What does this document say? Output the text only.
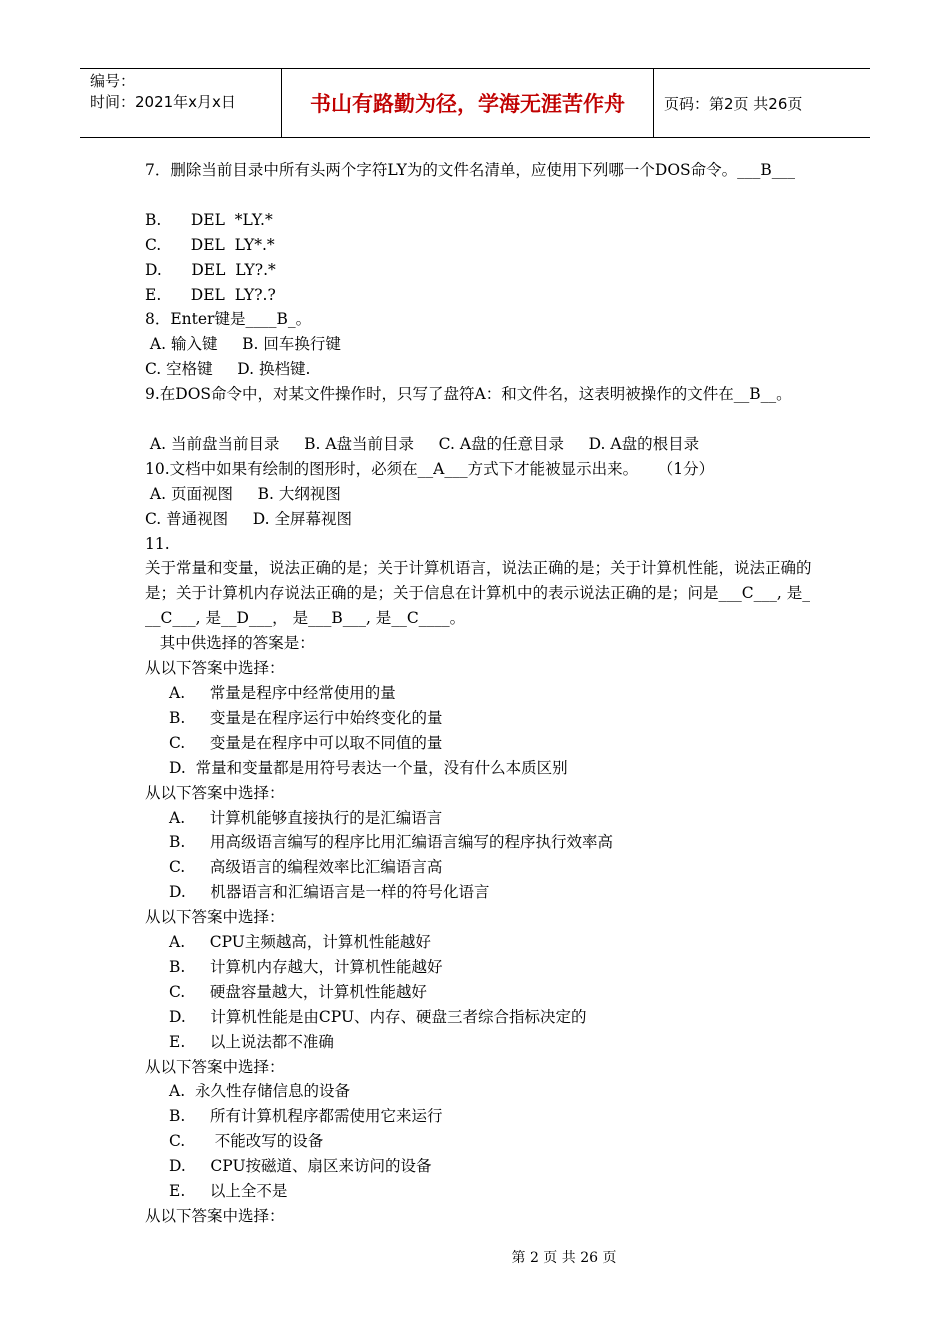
编号：
时间：2021年x月x日	书山有路勤为径，学海无涯苦作舟	页码：第2页 共26页
7．删除当前目录中所有头两个字符LY为的文件名清单，应使用下列哪一个DOS命令。___B___
B.      DEL  *LY.*
C.      DEL  LY*.*
D.      DEL  LY?.*
E.      DEL  LY?.?
8．Enter键是____B_。
A. 输入键     B. 回车换行键
C. 空格键     D. 换档键.
9.在DOS命令中，对某文件操作时，只写了盘符A：和文件名，这表明被操作的文件在__B__。
A. 当前盘当前目录     B. A盘当前目录     C. A盘的任意目录     D. A盘的根目录
10.文档中如果有绘制的图形时，必须在__A___方式下才能被显示出来。    （1分）
A. 页面视图     B. 大纲视图
C. 普通视图     D. 全屏幕视图
11.
关于常量和变量，说法正确的是；关于计算机语言，说法正确的是；关于计算机性能，说法正确的是；关于计算机内存说法正确的是；关于信息在计算机中的表示说法正确的是；问是___C___, 是___C___, 是__D___， 是___B___, 是__C____。
其中供选择的答案是：
从以下答案中选择：
A.     常量是程序中经常使用的量
B.     变量是在程序运行中始终变化的量
C.     变量是在程序中可以取不同值的量
D.  常量和变量都是用符号表达一个量，没有什么本质区别
从以下答案中选择：
A.     计算机能够直接执行的是汇编语言
B.     用高级语言编写的程序比用汇编语言编写的程序执行效率高
C.     高级语言的编程效率比汇编语言高
D.     机器语言和汇编语言是一样的符号化语言
从以下答案中选择：
A.     CPU主频越高，计算机性能越好
B.     计算机内存越大，计算机性能越好
C.     硬盘容量越大，计算机性能越好
D.     计算机性能是由CPU、内存、硬盘三者综合指标决定的
E.     以上说法都不准确
从以下答案中选择：
A.  永久性存储信息的设备
B.     所有计算机程序都需使用它来运行
C.      不能改写的设备
D.     CPU按磁道、扇区来访问的设备
E.     以上全不是
从以下答案中选择：
第 2 页 共 26 页
